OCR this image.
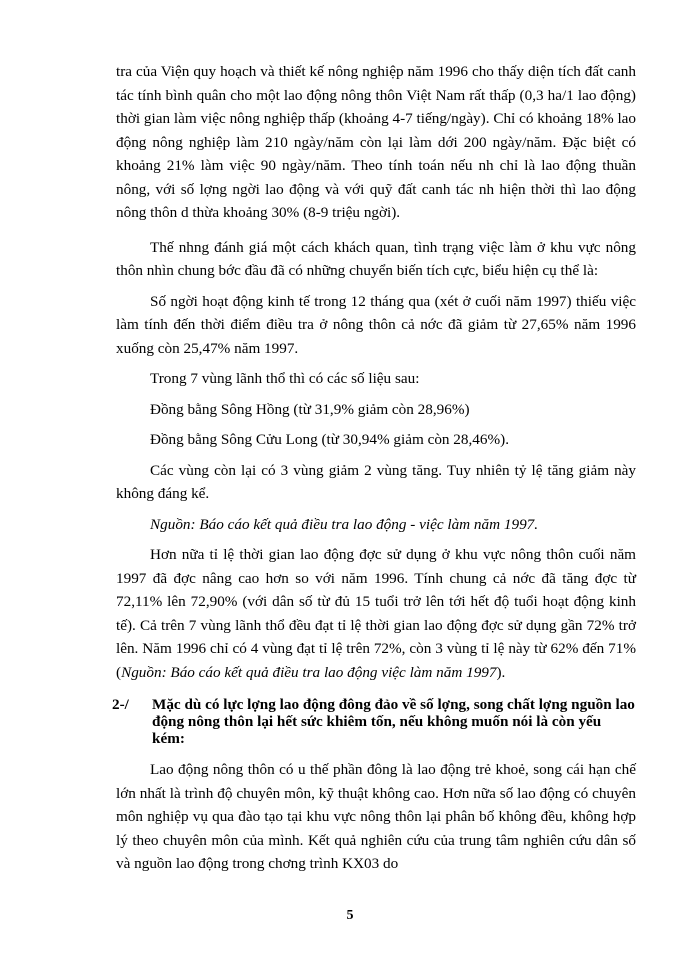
tra của Viện quy hoạch và thiết kế nông nghiệp năm 1996 cho thấy diện tích đất canh tác tính bình quân cho một lao động nông thôn Việt Nam rất thấp (0,3 ha/1 lao động) thời gian làm việc nông nghiệp thấp (khoảng 4-7 tiếng/ngày). Chỉ có khoảng 18% lao động nông nghiệp làm 210 ngày/năm còn lại làm dới 200 ngày/năm. Đặc biệt có khoảng 21% làm việc 90 ngày/năm. Theo tính toán nếu nh chỉ là lao động thuần nông, với số lợng ngời lao động và với quỹ đất canh tác nh hiện thời thì lao động nông thôn d thừa khoảng 30% (8-9 triệu ngời).

Thế nhng đánh giá một cách khách quan, tình trạng việc làm ở khu vực nông thôn nhìn chung bớc đầu đã có những chuyển biến tích cực, biểu hiện cụ thể là:

Số ngời hoạt động kinh tế trong 12 tháng qua (xét ở cuối năm 1997) thiếu việc làm tính đến thời điểm điều tra ở nông thôn cả nớc đã giảm từ 27,65% năm 1996 xuống còn 25,47% năm 1997.

Trong 7 vùng lãnh thổ thì có các số liệu sau:

Đồng bằng Sông Hồng (từ 31,9% giảm còn 28,96%)

Đồng bằng Sông Cửu Long (từ 30,94% giảm còn 28,46%).

Các vùng còn lại có 3 vùng giảm 2 vùng tăng. Tuy nhiên tỷ lệ tăng giảm này không đáng kể.

Nguồn: Báo cáo kết quả điều tra lao động - việc làm năm 1997.

Hơn nữa tỉ lệ thời gian lao động đợc sử dụng ở khu vực nông thôn cuối năm 1997 đã đợc nâng cao hơn so với năm 1996. Tính chung cả nớc đã tăng đợc từ 72,11% lên 72,90% (với dân số từ đủ 15 tuổi trở lên tới hết độ tuổi hoạt động kinh tế). Cả trên 7 vùng lãnh thổ đều đạt tỉ lệ thời gian lao động đợc sử dụng gần 72% trở lên. Năm 1996 chỉ có 4 vùng đạt tỉ lệ trên 72%, còn 3 vùng tỉ lệ này từ 62% đến 71% (Nguồn: Báo cáo kết quả điều tra lao động việc làm năm 1997).

2-/	Mặc dù có lực lợng lao động đông đảo về số lợng, song chất lợng nguồn lao động nông thôn lại hết sức khiêm tốn, nếu không muốn nói là còn yếu kém:

Lao động nông thôn có u thế phần đông là lao động trẻ khoẻ, song cái hạn chế lớn nhất là trình độ chuyên môn, kỹ thuật không cao. Hơn nữa số lao động có chuyên môn nghiệp vụ qua đào tạo tại khu vực nông thôn lại phân bố không đều, không hợp lý theo chuyên môn của mình. Kết quả nghiên cứu của trung tâm nghiên cứu dân số và nguồn lao động trong chơng trình KX03 do

5
